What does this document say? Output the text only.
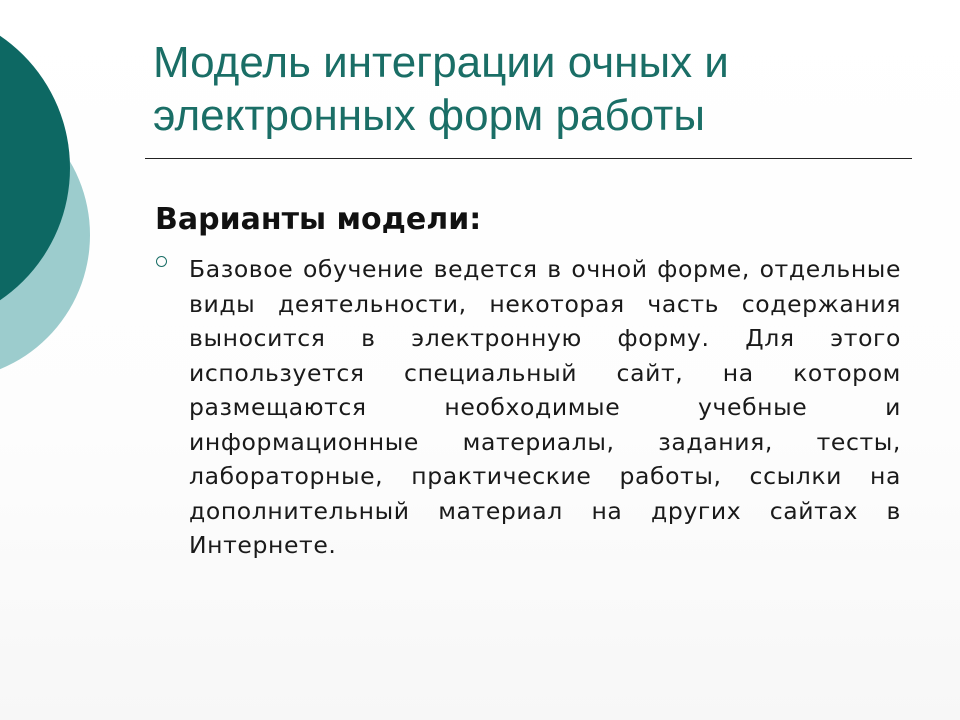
Модель интеграции очных и электронных форм работы
Варианты модели:

Базовое обучение ведется в очной форме, отдельные виды деятельности, некоторая часть содержания выносится в электронную форму. Для этого используется специальный сайт, на котором размещаются необходимые учебные и информационные материалы, задания, тесты, лабораторные, практические работы, ссылки на дополнительный материал на других сайтах в Интернете.
